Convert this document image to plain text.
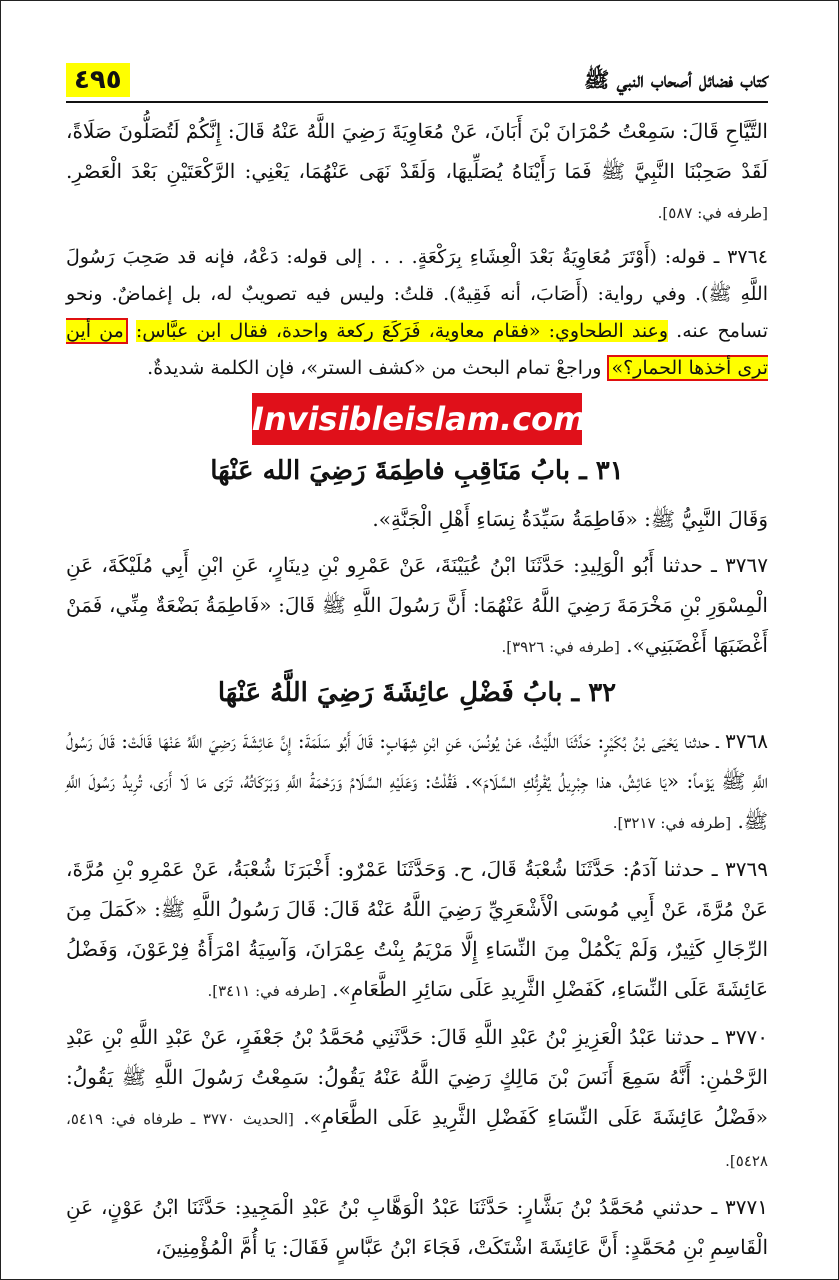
٤٩٥	كتاب فضائل أصحاب النبي ﷺ

التَّيَّاحِ قَالَ: سَمِعْتُ حُمْرَانَ بْنَ أَبَانَ، عَنْ مُعَاوِيَةَ رَضِيَ اللَّهُ عَنْهُ قَالَ: إِنَّكُمْ لَتُصَلُّونَ صَلَاةً، لَقَدْ صَحِبْنَا النَّبِيَّ ﷺ فَمَا رَأَيْنَاهُ يُصَلِّيهَا، وَلَقَدْ نَهَى عَنْهُمَا، يَعْنِي: الرَّكْعَتَيْنِ بَعْدَ الْعَصْرِ. [طرفه في: ٥٨٧].

٣٧٦٤ ـ قوله: (أَوْتَرَ مُعَاوِيَةُ بَعْدَ الْعِشَاءِ بِرَكْعَةٍ. . . . إلى قوله: دَعْهُ، فإنه قد صَحِبَ رَسُولَ اللَّهِ ﷺ). وفي رواية: (أَصَابَ، أنه فَقِيهٌ). قلتُ: وليس فيه تصويبٌ له، بل إغماضٌ. ونحو تسامح عنه. وعند الطحاوي: «فقام معاوية، فَرَكَعَ ركعة واحدة، فقال ابن عبَّاس: من أين ترى أخذها الحمار؟» وراجعْ تمام البحث من «كشف الستر»، فإن الكلمة شديدةٌ.

Invisibleislam.com
٣١ ـ بابُ مَنَاقِبِ فاطِمَةَ رَضِيَ الله عَنْهَا

وَقَالَ النَّبِيُّ ﷺ: «فَاطِمَةُ سَيِّدَةُ نِسَاءِ أَهْلِ الْجَنَّةِ».

٣٧٦٧ ـ حدثنا أَبُو الْوَلِيدِ: حَدَّثَنَا ابْنُ عُيَيْنَةَ، عَنْ عَمْرِو بْنِ دِينَارٍ، عَنِ ابْنِ أَبِي مُلَيْكَةَ، عَنِ الْمِسْوَرِ بْنِ مَخْرَمَةَ رَضِيَ اللَّهُ عَنْهُمَا: أَنَّ رَسُولَ اللَّهِ ﷺ قَالَ: «فَاطِمَةُ بَضْعَةٌ مِنِّي، فَمَنْ أَغْضَبَهَا أَغْضَبَنِي». [طرفه في: ٣٩٢٦].

٣٢ ـ بابُ فَضْلِ عائِشَةَ رَضِيَ اللَّهُ عَنْهَا

٣٧٦٨ ـ حدثنا يَحْيَى بْنُ بُكَيْرٍ: حَدَّثَنَا اللَّيْثُ، عَنْ يُونُسَ، عَنِ ابْنِ شِهَابٍ: قَالَ أَبُو سَلَمَةَ: إِنَّ عَائِشَةَ رَضِيَ اللَّهُ عَنْهَا قَالَتْ: قَالَ رَسُولُ اللَّهِ ﷺ يَوْماً: «يَا عَائِشُ، هذا جِبْرِيلُ يُقْرِئُكِ السَّلَامَ». فَقُلْتُ: وَعَلَيْهِ السَّلَامُ وَرَحْمَةُ اللَّهِ وَبَرَكَاتُهُ، تَرَى مَا لَا أَرَى، تُرِيدُ رَسُولَ اللَّهِ ﷺ. [طرفه في: ٣٢١٧].

٣٧٦٩ ـ حدثنا آدَمُ: حَدَّثَنَا شُعْبَةُ قَالَ، ح. وَحَدَّثَنَا عَمْرٌو: أَخْبَرَنَا شُعْبَةُ، عَنْ عَمْرِو بْنِ مُرَّةَ، عَنْ مُرَّةَ، عَنْ أَبِي مُوسَى الْأَشْعَرِيِّ رَضِيَ اللَّهُ عَنْهُ قَالَ: قَالَ رَسُولُ اللَّهِ ﷺ: «كَمَلَ مِنَ الرِّجَالِ كَثِيرٌ، وَلَمْ يَكْمُلْ مِنَ النِّسَاءِ إِلَّا مَرْيَمُ بِنْتُ عِمْرَانَ، وَآسِيَةُ امْرَأَةُ فِرْعَوْنَ، وَفَضْلُ عَائِشَةَ عَلَى النِّسَاءِ، كَفَضْلِ الثَّرِيدِ عَلَى سَائِرِ الطَّعَامِ». [طرفه في: ٣٤١١].

٣٧٧٠ ـ حدثنا عَبْدُ الْعَزِيزِ بْنُ عَبْدِ اللَّهِ قَالَ: حَدَّثَنِي مُحَمَّدُ بْنُ جَعْفَرٍ، عَنْ عَبْدِ اللَّهِ بْنِ عَبْدِ الرَّحْمٰنِ: أَنَّهُ سَمِعَ أَنَسَ بْنَ مَالِكٍ رَضِيَ اللَّهُ عَنْهُ يَقُولُ: سَمِعْتُ رَسُولَ اللَّهِ ﷺ يَقُولُ: «فَضْلُ عَائِشَةَ عَلَى النِّسَاءِ كَفَضْلِ الثَّرِيدِ عَلَى الطَّعَامِ». [الحديث ٣٧٧٠ ـ طرفاه في: ٥٤١٩، ٥٤٢٨].

٣٧٧١ ـ حدثني مُحَمَّدُ بْنُ بَشَّارٍ: حَدَّثَنَا عَبْدُ الْوَهَّابِ بْنُ عَبْدِ الْمَجِيدِ: حَدَّثَنَا ابْنُ عَوْنٍ، عَنِ الْقَاسِمِ بْنِ مُحَمَّدٍ: أَنَّ عَائِشَةَ اشْتَكَتْ، فَجَاءَ ابْنُ عَبَّاسٍ فَقَالَ: يَا أُمَّ الْمُؤْمِنِينَ،
